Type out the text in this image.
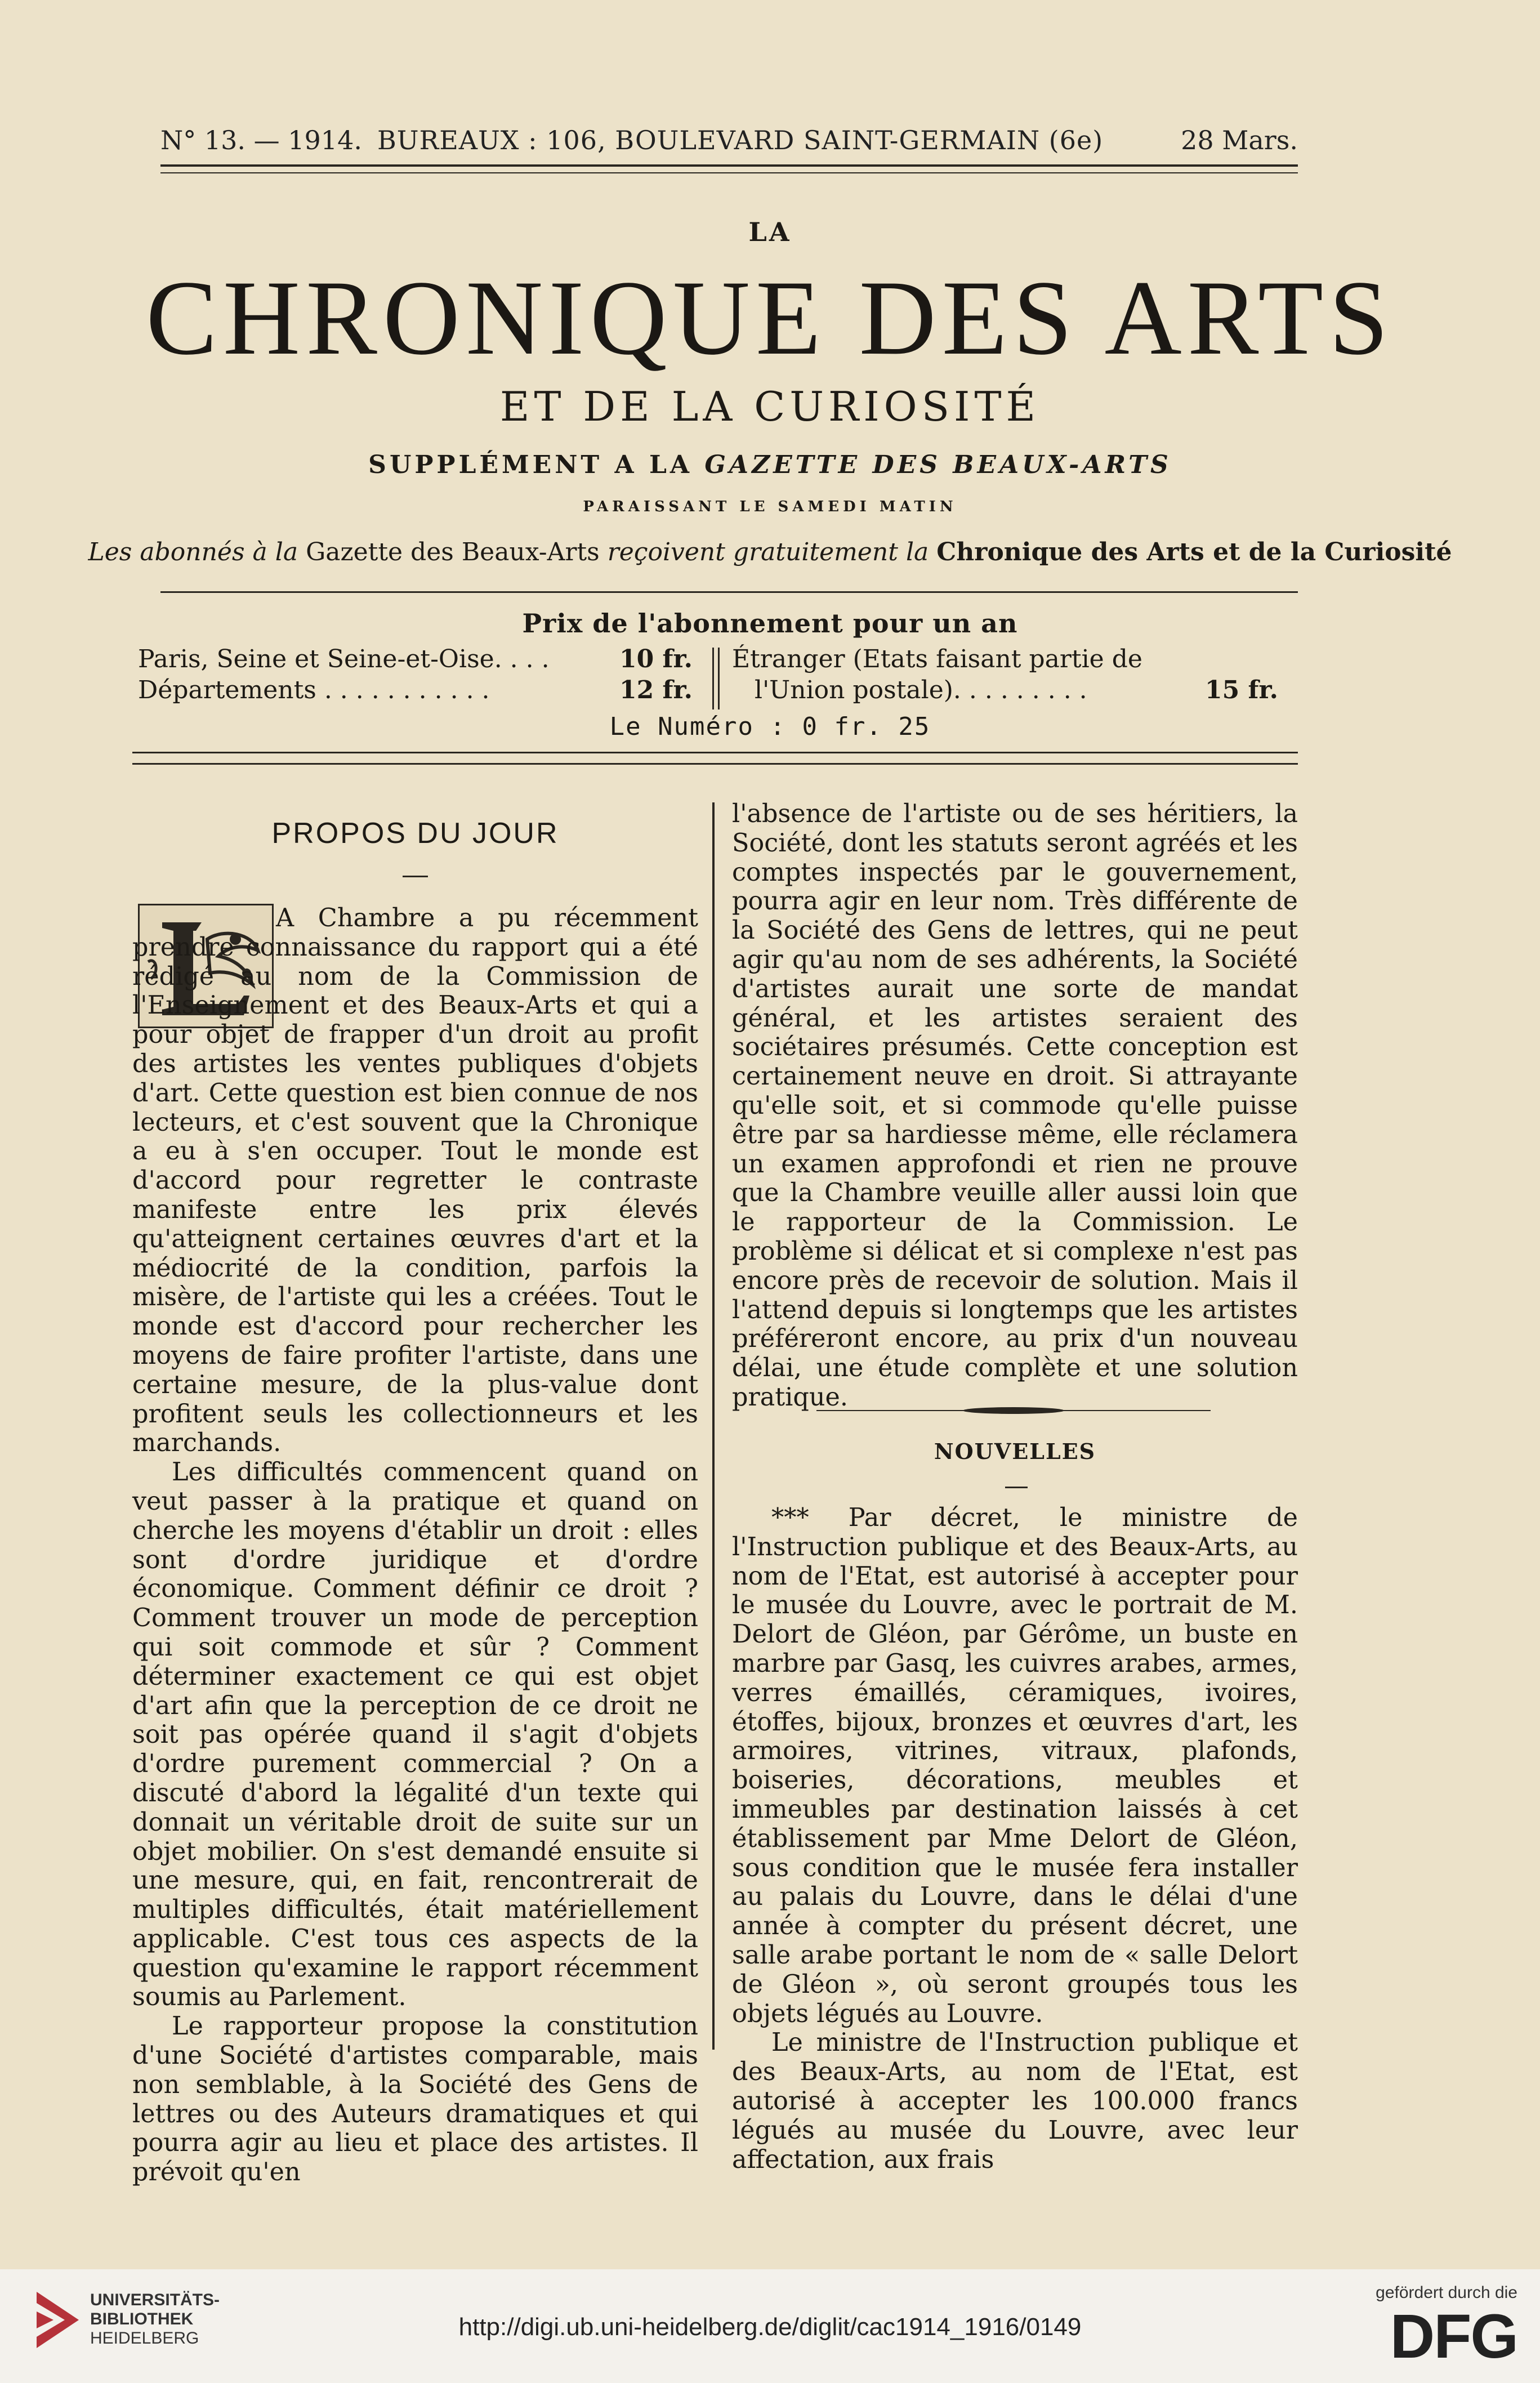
N° 13. — 1914. BUREAUX : 106, BOULEVARD SAINT-GERMAIN (6e)	28 Mars.
LA
CHRONIQUE DES ARTS
ET DE LA CURIOSITÉ
SUPPLÉMENT A LA GAZETTE DES BEAUX-ARTS
PARAISSANT LE SAMEDI MATIN
Les abonnés à la Gazette des Beaux-Arts reçoivent gratuitement la Chronique des Arts et de la Curiosité
Prix de l'abonnement pour un an
Paris, Seine et Seine-et-Oise. . . .	10 fr.
Départements . . . . . . . . . . .	12 fr.
Étranger (Etats faisant partie de
l'Union postale). . . . . . . . .	15 fr.
Le Numéro : 0 fr. 25
PROPOS DU JOUR

A Chambre a pu récemment prendre connaissance du rapport qui a été rédigé au nom de la Commission de l'Enseignement et des Beaux-Arts et qui a pour objet de frapper d'un droit au profit des artistes les ventes publiques d'objets d'art. Cette question est bien connue de nos lecteurs, et c'est souvent que la Chronique a eu à s'en occuper. Tout le monde est d'accord pour regretter le contraste manifeste entre les prix élevés qu'atteignent certaines œuvres d'art et la médiocrité de la condition, parfois la misère, de l'artiste qui les a créées. Tout le monde est d'accord pour rechercher les moyens de faire profiter l'artiste, dans une certaine mesure, de la plus-value dont profitent seuls les collectionneurs et les marchands.

Les difficultés commencent quand on veut passer à la pratique et quand on cherche les moyens d'établir un droit : elles sont d'ordre juridique et d'ordre économique. Comment définir ce droit ? Comment trouver un mode de perception qui soit commode et sûr ? Comment déterminer exactement ce qui est objet d'art afin que la perception de ce droit ne soit pas opérée quand il s'agit d'objets d'ordre purement commercial ? On a discuté d'abord la légalité d'un texte qui donnait un véritable droit de suite sur un objet mobilier. On s'est demandé ensuite si une mesure, qui, en fait, rencontrerait de multiples difficultés, était matériellement applicable. C'est tous ces aspects de la question qu'examine le rapport récemment soumis au Parlement.

Le rapporteur propose la constitution d'une Société d'artistes comparable, mais non semblable, à la Société des Gens de lettres ou des Auteurs dramatiques et qui pourra agir au lieu et place des artistes. Il prévoit qu'en

l'absence de l'artiste ou de ses héritiers, la Société, dont les statuts seront agréés et les comptes inspectés par le gouvernement, pourra agir en leur nom. Très différente de la Société des Gens de lettres, qui ne peut agir qu'au nom de ses adhérents, la Société d'artistes aurait une sorte de mandat général, et les artistes seraient des sociétaires présumés. Cette conception est certainement neuve en droit. Si attrayante qu'elle soit, et si commode qu'elle puisse être par sa hardiesse même, elle réclamera un examen approfondi et rien ne prouve que la Chambre veuille aller aussi loin que le rapporteur de la Commission. Le problème si délicat et si complexe n'est pas encore près de recevoir de solution. Mais il l'attend depuis si longtemps que les artistes préféreront encore, au prix d'un nouveau délai, une étude complète et une solution pratique.

NOUVELLES

*** Par décret, le ministre de l'Instruction publique et des Beaux-Arts, au nom de l'Etat, est autorisé à accepter pour le musée du Louvre, avec le portrait de M. Delort de Gléon, par Gérôme, un buste en marbre par Gasq, les cuivres arabes, armes, verres émaillés, céramiques, ivoires, étoffes, bijoux, bronzes et œuvres d'art, les armoires, vitrines, vitraux, plafonds, boiseries, décorations, meubles et immeubles par destination laissés à cet établissement par Mme Delort de Gléon, sous condition que le musée fera installer au palais du Louvre, dans le délai d'une année à compter du présent décret, une salle arabe portant le nom de « salle Delort de Gléon », où seront groupés tous les objets légués au Louvre.

Le ministre de l'Instruction publique et des Beaux-Arts, au nom de l'Etat, est autorisé à accepter les 100.000 francs légués au musée du Louvre, avec leur affectation, aux frais

UNIVERSITÄTS-
BIBLIOTHEK
HEIDELBERG	http://digi.ub.uni-heidelberg.de/diglit/cac1914_1916/0149
gefördert durch die
DFG
